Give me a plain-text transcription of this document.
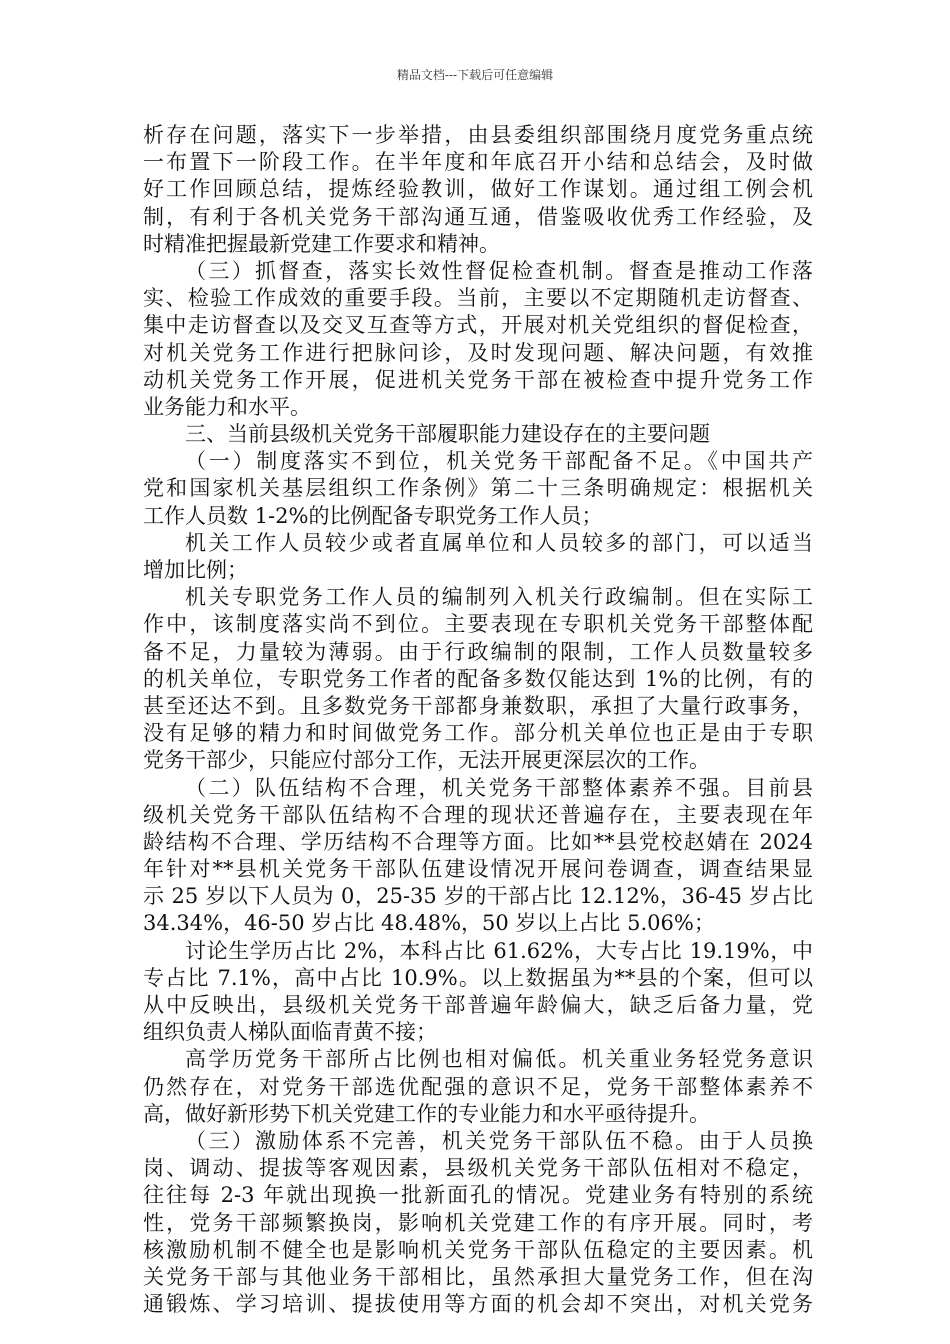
精品文档---下载后可任意编辑
析存在问题，落实下一步举措，由县委组织部围绕月度党务重点统
一布置下一阶段工作。在半年度和年底召开小结和总结会，及时做
好工作回顾总结，提炼经验教训，做好工作谋划。通过组工例会机
制，有利于各机关党务干部沟通互通，借鉴吸收优秀工作经验，及
时精准把握最新党建工作要求和精神。
（三）抓督查，落实长效性督促检查机制。督查是推动工作落
实、检验工作成效的重要手段。当前，主要以不定期随机走访督查、
集中走访督查以及交叉互查等方式，开展对机关党组织的督促检查，
对机关党务工作进行把脉问诊，及时发现问题、解决问题，有效推
动机关党务工作开展，促进机关党务干部在被检查中提升党务工作
业务能力和水平。
三、当前县级机关党务干部履职能力建设存在的主要问题
（一）制度落实不到位，机关党务干部配备不足。《中国共产
党和国家机关基层组织工作条例》第二十三条明确规定：根据机关
工作人员数 1-2%的比例配备专职党务工作人员；
机关工作人员较少或者直属单位和人员较多的部门，可以适当
增加比例；
机关专职党务工作人员的编制列入机关行政编制。但在实际工
作中，该制度落实尚不到位。主要表现在专职机关党务干部整体配
备不足，力量较为薄弱。由于行政编制的限制，工作人员数量较多
的机关单位，专职党务工作者的配备多数仅能达到 1%的比例，有的
甚至还达不到。且多数党务干部都身兼数职，承担了大量行政事务，
没有足够的精力和时间做党务工作。部分机关单位也正是由于专职
党务干部少，只能应付部分工作，无法开展更深层次的工作。
（二）队伍结构不合理，机关党务干部整体素养不强。目前县
级机关党务干部队伍结构不合理的现状还普遍存在，主要表现在年
龄结构不合理、学历结构不合理等方面。比如**县党校赵婧在 2024
年针对**县机关党务干部队伍建设情况开展问卷调查，调查结果显
示 25 岁以下人员为 0，25-35 岁的干部占比 12.12%，36-45 岁占比
34.34%，46-50 岁占比 48.48%，50 岁以上占比 5.06%；
讨论生学历占比 2%，本科占比 61.62%，大专占比 19.19%，中
专占比 7.1%，高中占比 10.9%。以上数据虽为**县的个案，但可以
从中反映出，县级机关党务干部普遍年龄偏大，缺乏后备力量，党
组织负责人梯队面临青黄不接；
高学历党务干部所占比例也相对偏低。机关重业务轻党务意识
仍然存在，对党务干部选优配强的意识不足，党务干部整体素养不
高，做好新形势下机关党建工作的专业能力和水平亟待提升。
（三）激励体系不完善，机关党务干部队伍不稳。由于人员换
岗、调动、提拔等客观因素，县级机关党务干部队伍相对不稳定，
往往每 2-3 年就出现换一批新面孔的情况。党建业务有特别的系统
性，党务干部频繁换岗，影响机关党建工作的有序开展。同时，考
核激励机制不健全也是影响机关党务干部队伍稳定的主要因素。机
关党务干部与其他业务干部相比，虽然承担大量党务工作，但在沟
通锻炼、学习培训、提拔使用等方面的机会却不突出，对机关党务
